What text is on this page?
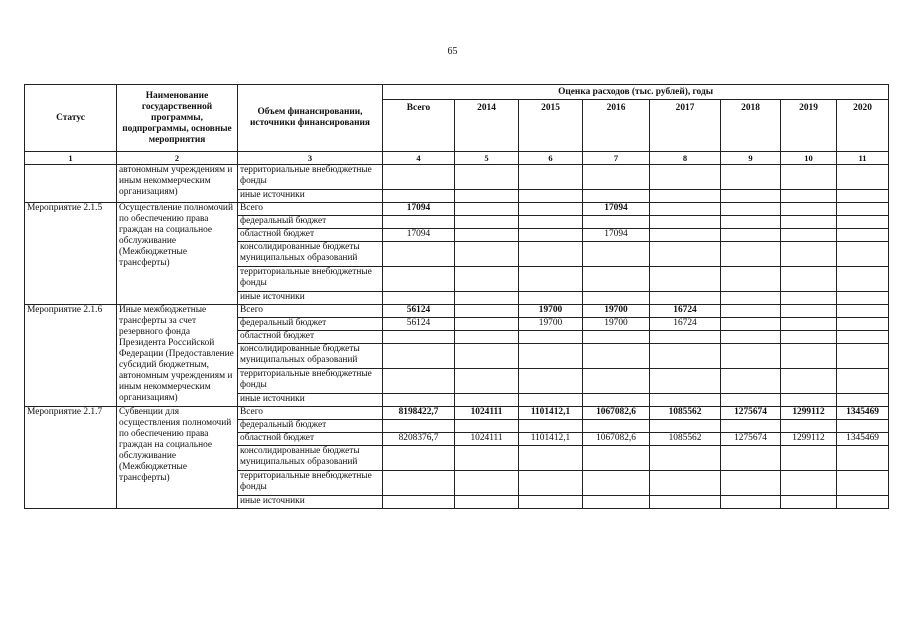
65
Статус	Наименование государственной программы, подпрограммы, основные мероприятия	Объем финансировании, источники финансирования	Оценка расходов (тыс. рублей), годы							
			Всего	2014	2015	2016	2017	2018	2019	2020
1	2	3	4	5	6	7	8	9	10	11
	автономным учреждениям и иным некоммерческим организациям)	территориальные внебюджетные фонды								
		иные источники								
Мероприятие 2.1.5	Осуществление полномочий по обеспечению права граждан на социальное обслуживание (Межбюджетные трансферты)	Всего	17094			17094				
		федеральный бюджет								
		областной бюджет	17094			17094				
		консолидированные бюджеты муниципальных образований								
		территориальные внебюджетные фонды								
		иные источники								
Мероприятие 2.1.6	Иные межбюджетные трансферты за счет резервного фонда Президента Российской Федерации (Предоставление субсидий бюджетным, автономным учреждениям и иным некоммерческим организациям)	Всего	56124		19700	19700	16724			
		федеральный бюджет	56124		19700	19700	16724			
		областной бюджет								
		консолидированные бюджеты муниципальных образований								
		территориальные внебюджетные фонды								
		иные источники								
Мероприятие 2.1.7	Субвенции для осуществления полномочий по обеспечению права граждан на социальное обслуживание (Межбюджетные трансферты)	Всего	8198422,7	1024111	1101412,1	1067082,6	1085562	1275674	1299112	1345469
		федеральный бюджет								
		областной бюджет	8208376,7	1024111	1101412,1	1067082,6	1085562	1275674	1299112	1345469
		консолидированные бюджеты муниципальных образований								
		территориальные внебюджетные фонды								
		иные источники								
